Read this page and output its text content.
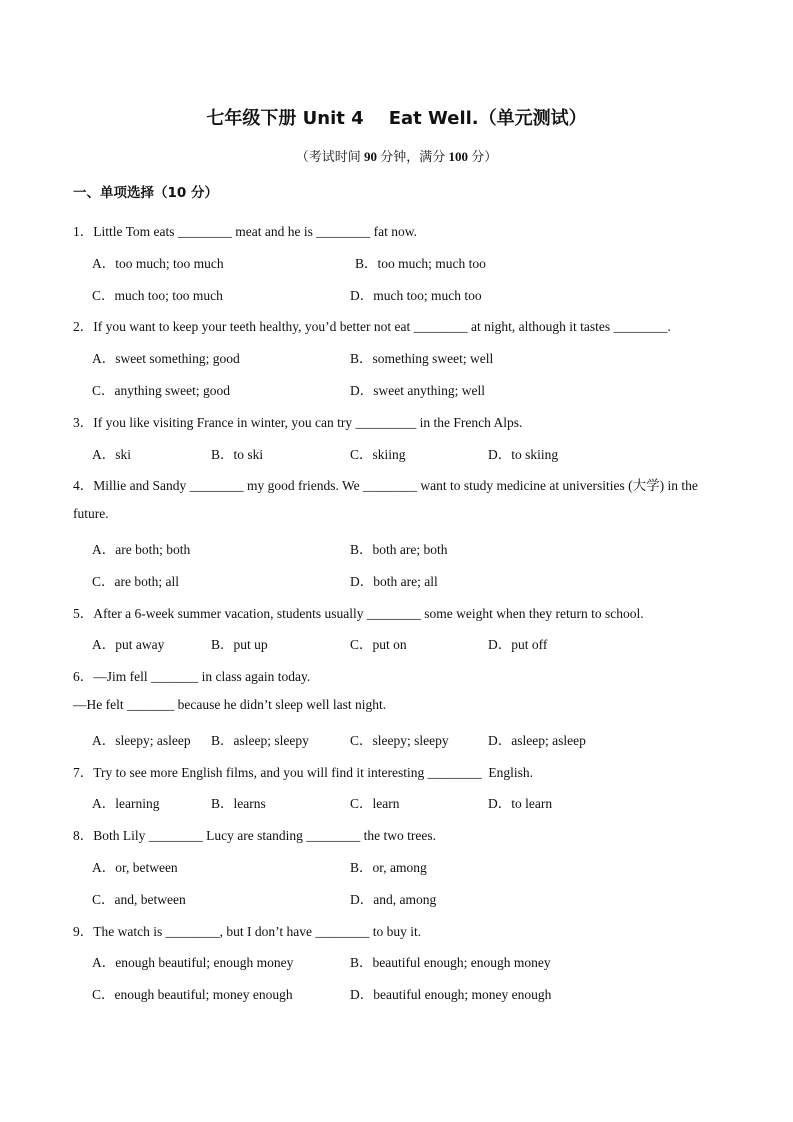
七年级下册 Unit 4    Eat Well.（单元测试）
（考试时间 90 分钟，满分 100 分）
一、单项选择（10 分）
1．Little Tom eats ________ meat and he is ________ fat now.
A．too much; too much	B．too much; much too
C．much too; too much	D．much too; much too
2．If you want to keep your teeth healthy, you’d better not eat ________ at night, although it tastes ________.
A．sweet something; good	B．something sweet; well
C．anything sweet; good	D．sweet anything; well
3．If you like visiting France in winter, you can try _________ in the French Alps.
A．ski	B．to ski	C．skiing	D．to skiing
4．Millie and Sandy ________ my good friends. We ________ want to study medicine at universities (大学) in the
future.
A．are both; both	B．both are; both
C．are both; all	D．both are; all
5．After a 6-week summer vacation, students usually ________ some weight when they return to school.
A．put away	B．put up	C．put on	D．put off
6．—Jim fell _______ in class again today.
—He felt _______ because he didn’t sleep well last night.
A．sleepy; asleep B．asleep; sleepy	C．sleepy; sleepy	D．asleep; asleep
7．Try to see more English films, and you will find it interesting ________  English.
A．learning	B．learns	C．learn	D．to learn
8．Both Lily ________ Lucy are standing ________ the two trees.
A．or, between	B．or, among
C．and, between	D．and, among
9．The watch is ________, but I don’t have ________ to buy it.
A．enough beautiful; enough money	B．beautiful enough; enough money
C．enough beautiful; money enough	D．beautiful enough; money enough
